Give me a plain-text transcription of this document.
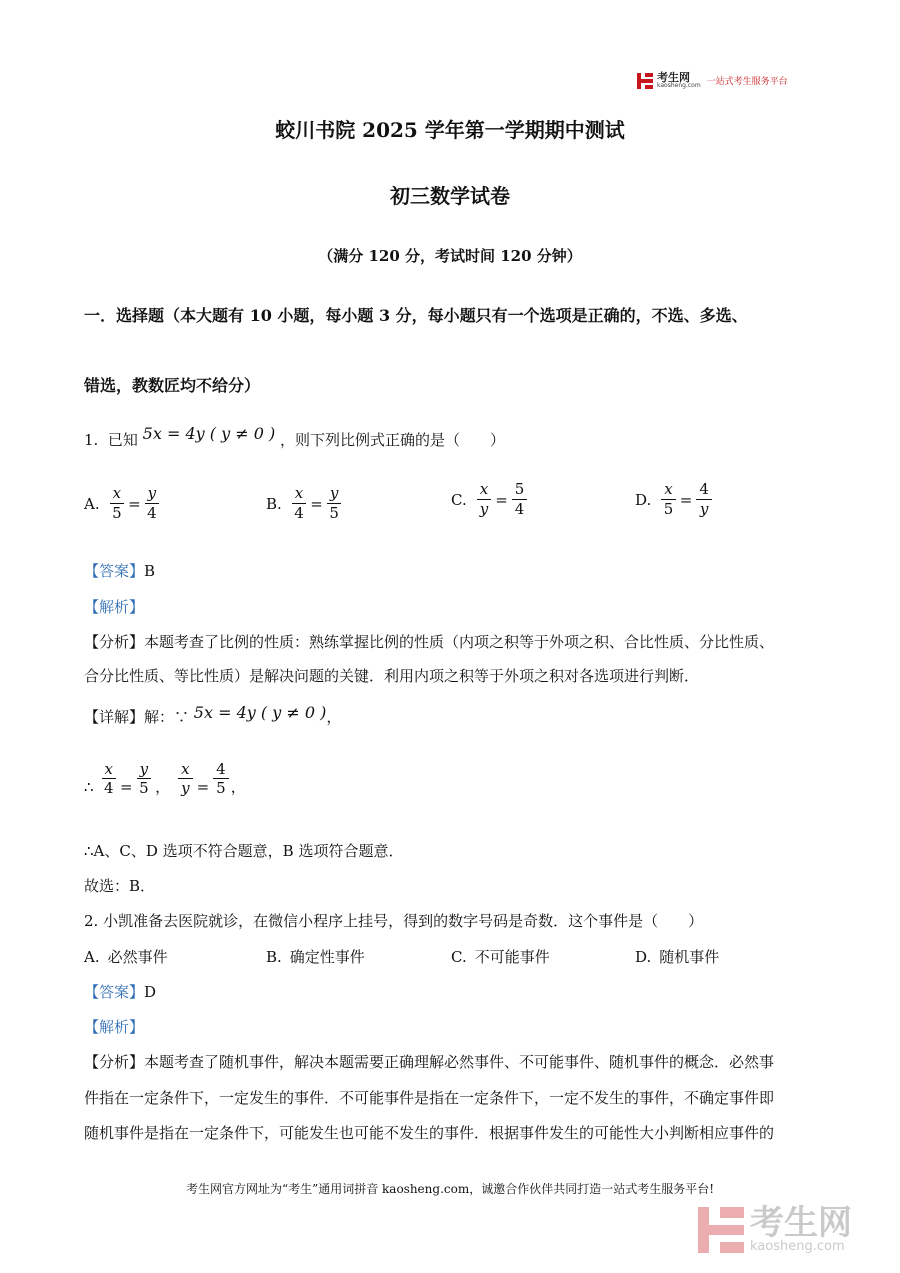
考生网
kaosheng.com 一站式考生服务平台
蛟川书院 2025 学年第一学期期中测试
初三数学试卷
（满分 120 分，考试时间 120 分钟）
一．选择题（本大题有 10 小题，每小题 3 分，每小题只有一个选项是正确的，不选、多选、
错选，教数匠均不给分）
1. 已知 5x = 4y ( y ≠ 0 ) ，则下列比例式正确的是（　　）
A. $\frac{x}{5} = \frac{y}{4}$	B. $\frac{x}{4} = \frac{y}{5}$	C. $\frac{x}{y} = \frac{5}{4}$	D. $\frac{x}{5} = \frac{4}{y}$
【答案】B
【解析】
【分析】本题考查了比例的性质：熟练掌握比例的性质（内项之积等于外项之积、合比性质、分比性质、
合分比性质、等比性质）是解决问题的关键．利用内项之积等于外项之积对各选项进行判断．
【详解】解：∵ 5x = 4y ( y ≠ 0 )，
∴ $\frac{x}{4} = \frac{y}{5}$ ， $\frac{x}{y} = \frac{4}{5}$ ，
∴A、C、D 选项不符合题意，B 选项符合题意．
故选：B．
2. 小凯准备去医院就诊，在微信小程序上挂号，得到的数字号码是奇数．这个事件是（　　）
A. 必然事件	B. 确定性事件	C. 不可能事件	D. 随机事件
【答案】D
【解析】
【分析】本题考查了随机事件，解决本题需要正确理解必然事件、不可能事件、随机事件的概念．必然事
件指在一定条件下，一定发生的事件．不可能事件是指在一定条件下，一定不发生的事件，不确定事件即
随机事件是指在一定条件下，可能发生也可能不发生的事件．根据事件发生的可能性大小判断相应事件的
考生网官方网址为“考生”通用词拼音 kaosheng.com，诚邀合作伙伴共同打造一站式考生服务平台!
考生网
kaosheng.com
